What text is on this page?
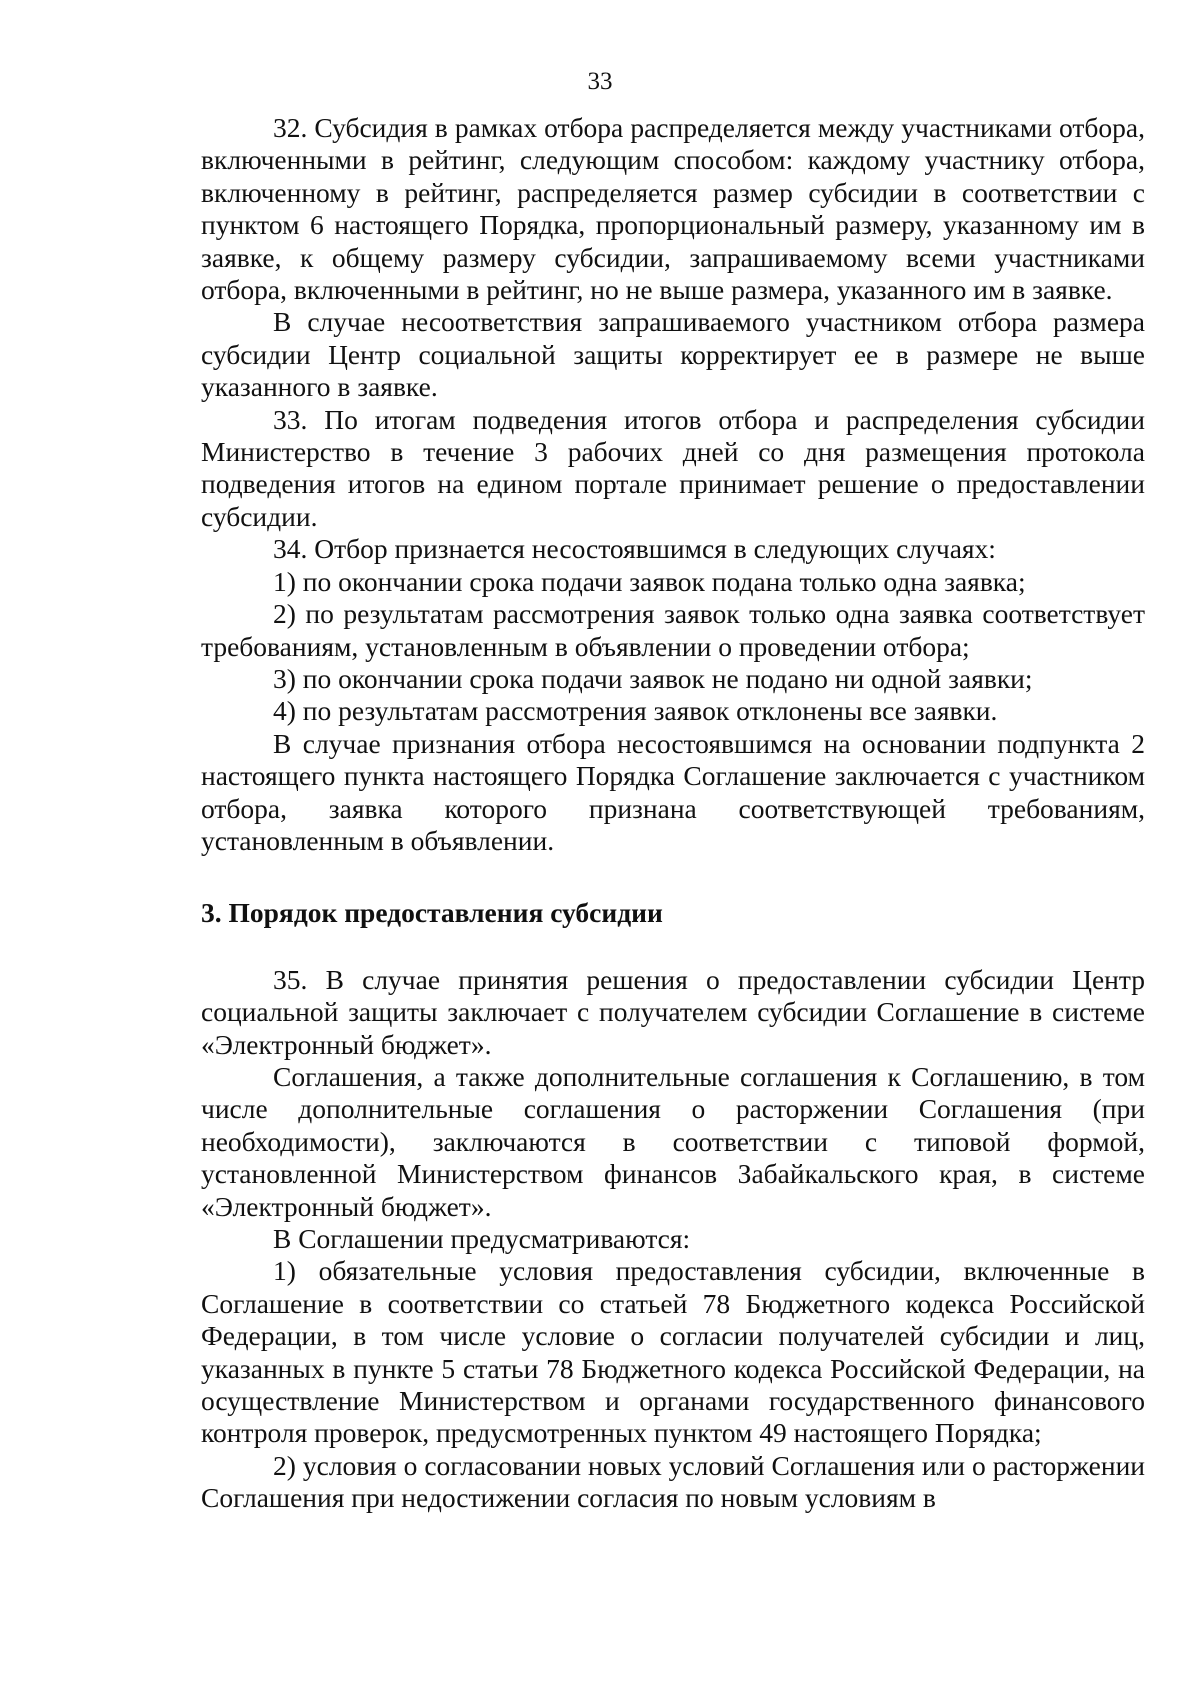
33

32. Субсидия в рамках отбора распределяется между участниками отбора, включенными в рейтинг, следующим способом: каждому участнику отбора, включенному в рейтинг, распределяется размер субсидии в соответствии с пунктом 6 настоящего Порядка, пропорциональный размеру, указанному им в заявке, к общему размеру субсидии, запрашиваемому всеми участниками отбора, включенными в рейтинг, но не выше размера, указанного им в заявке.

В случае несоответствия запрашиваемого участником отбора размера субсидии Центр социальной защиты корректирует ее в размере не выше указанного в заявке.

33. По итогам подведения итогов отбора и распределения субсидии Министерство в течение 3 рабочих дней со дня размещения протокола подведения итогов на едином портале принимает решение о предоставлении субсидии.

34. Отбор признается несостоявшимся в следующих случаях:

1) по окончании срока подачи заявок подана только одна заявка;

2) по результатам рассмотрения заявок только одна заявка соответствует требованиям, установленным в объявлении о проведении отбора;

3) по окончании срока подачи заявок не подано ни одной заявки;

4) по результатам рассмотрения заявок отклонены все заявки.

В случае признания отбора несостоявшимся на основании подпункта 2 настоящего пункта настоящего Порядка Соглашение заключается с участником отбора, заявка которого признана соответствующей требованиям, установленным в объявлении.

3. Порядок предоставления субсидии

35. В случае принятия решения о предоставлении субсидии Центр социальной защиты заключает с получателем субсидии Соглашение в системе «Электронный бюджет».

Соглашения, а также дополнительные соглашения к Соглашению, в том числе дополнительные соглашения о расторжении Соглашения (при необходимости), заключаются в соответствии с типовой формой, установленной Министерством финансов Забайкальского края, в системе «Электронный бюджет».

В Соглашении предусматриваются:

1) обязательные условия предоставления субсидии, включенные в Соглашение в соответствии со статьей 78 Бюджетного кодекса Российской Федерации, в том числе условие о согласии получателей субсидии и лиц, указанных в пункте 5 статьи 78 Бюджетного кодекса Российской Федерации, на осуществление Министерством и органами государственного финансового контроля проверок, предусмотренных пунктом 49 настоящего Порядка;

2) условия о согласовании новых условий Соглашения или о расторжении Соглашения при недостижении согласия по новым условиям в
